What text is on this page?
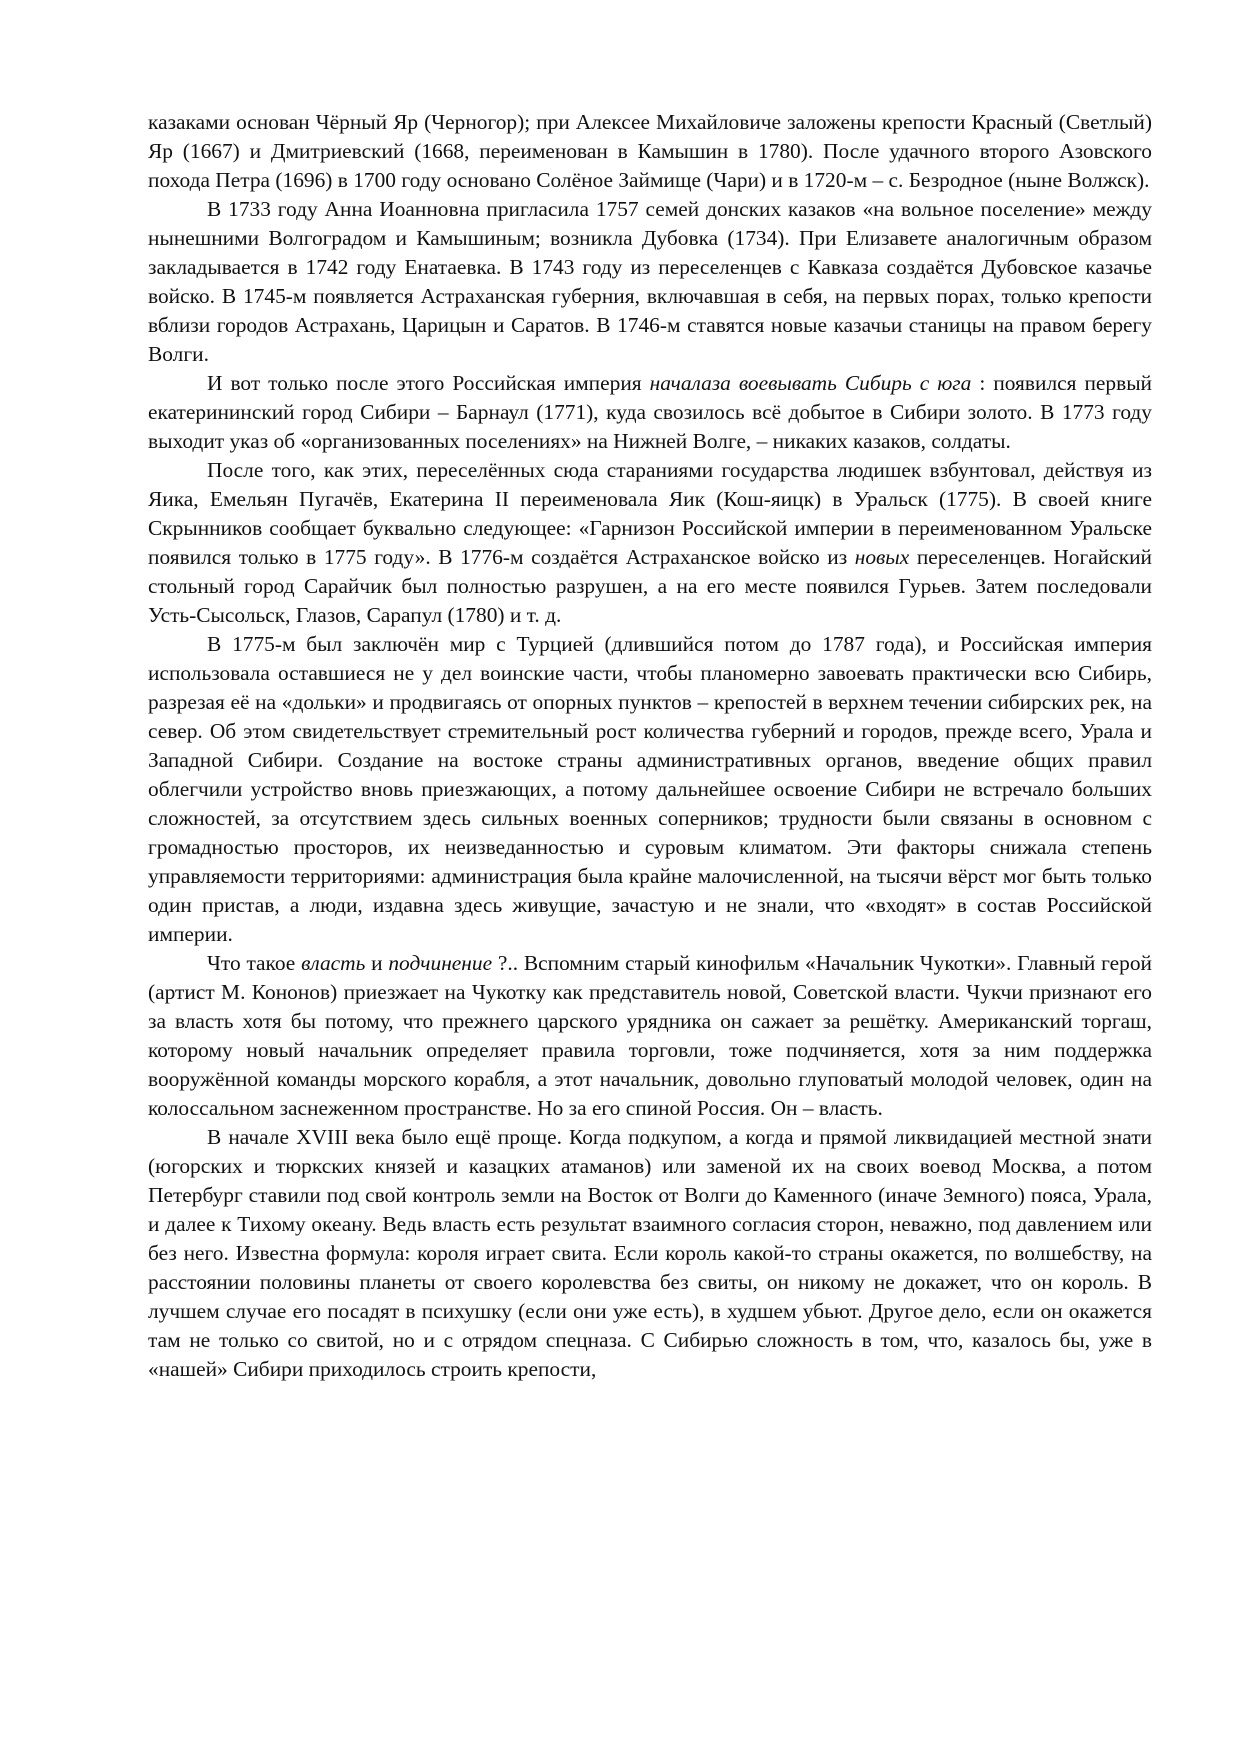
казаками основан Чёрный Яр (Черногор); при Алексее Михайловиче заложены крепости Красный (Светлый) Яр (1667) и Дмитриевский (1668, переименован в Камышин в 1780). После удачного второго Азовского похода Петра (1696) в 1700 году основано Солёное Займище (Чари) и в 1720-м – с. Безродное (ныне Волжск).

В 1733 году Анна Иоанновна пригласила 1757 семей донских казаков «на вольное поселение» между нынешними Волгоградом и Камышиным; возникла Дубовка (1734). При Елизавете аналогичным образом закладывается в 1742 году Енатаевка. В 1743 году из переселенцев с Кавказа создаётся Дубовское казачье войско. В 1745-м появляется Астраханская губерния, включавшая в себя, на первых порах, только крепости вблизи городов Астрахань, Царицын и Саратов. В 1746-м ставятся новые казачьи станицы на правом берегу Волги.

И вот только после этого Российская империя началаза воевывать Сибирь с юга : появился первый екатерининский город Сибири – Барнаул (1771), куда свозилось всё добытое в Сибири золото. В 1773 году выходит указ об «организованных поселениях» на Нижней Волге, – никаких казаков, солдаты.

После того, как этих, переселённых сюда стараниями государства людишек взбунтовал, действуя из Яика, Емельян Пугачёв, Екатерина II переименовала Яик (Кош-яицк) в Уральск (1775). В своей книге Скрынников сообщает буквально следующее: «Гарнизон Российской империи в переименованном Уральске появился только в 1775 году». В 1776-м создаётся Астраханское войско из новых переселенцев. Ногайский стольный город Сарайчик был полностью разрушен, а на его месте появился Гурьев. Затем последовали Усть-Сысольск, Глазов, Сарапул (1780) и т. д.

В 1775-м был заключён мир с Турцией (длившийся потом до 1787 года), и Российская империя использовала оставшиеся не у дел воинские части, чтобы планомерно завоевать практически всю Сибирь, разрезая её на «дольки» и продвигаясь от опорных пунктов – крепостей в верхнем течении сибирских рек, на север. Об этом свидетельствует стремительный рост количества губерний и городов, прежде всего, Урала и Западной Сибири. Создание на востоке страны административных органов, введение общих правил облегчили устройство вновь приезжающих, а потому дальнейшее освоение Сибири не встречало больших сложностей, за отсутствием здесь сильных военных соперников; трудности были связаны в основном с громадностью просторов, их неизведанностью и суровым климатом. Эти факторы снижала степень управляемости территориями: администрация была крайне малочисленной, на тысячи вёрст мог быть только один пристав, а люди, издавна здесь живущие, зачастую и не знали, что «входят» в состав Российской империи.

Что такое власть и подчинение ?.. Вспомним старый кинофильм «Начальник Чукотки». Главный герой (артист М. Кононов) приезжает на Чукотку как представитель новой, Советской власти. Чукчи признают его за власть хотя бы потому, что прежнего царского урядника он сажает за решётку. Американский торгаш, которому новый начальник определяет правила торговли, тоже подчиняется, хотя за ним поддержка вооружённой команды морского корабля, а этот начальник, довольно глуповатый молодой человек, один на колоссальном заснеженном пространстве. Но за его спиной Россия. Он – власть.

В начале XVIII века было ещё проще. Когда подкупом, а когда и прямой ликвидацией местной знати (югорских и тюркских князей и казацких атаманов) или заменой их на своих воевод Москва, а потом Петербург ставили под свой контроль земли на Восток от Волги до Каменного (иначе Земного) пояса, Урала, и далее к Тихому океану. Ведь власть есть результат взаимного согласия сторон, неважно, под давлением или без него. Известна формула: короля играет свита. Если король какой-то страны окажется, по волшебству, на расстоянии половины планеты от своего королевства без свиты, он никому не докажет, что он король. В лучшем случае его посадят в психушку (если они уже есть), в худшем убьют. Другое дело, если он окажется там не только со свитой, но и с отрядом спецназа. С Сибирью сложность в том, что, казалось бы, уже в «нашей» Сибири приходилось строить крепости,
